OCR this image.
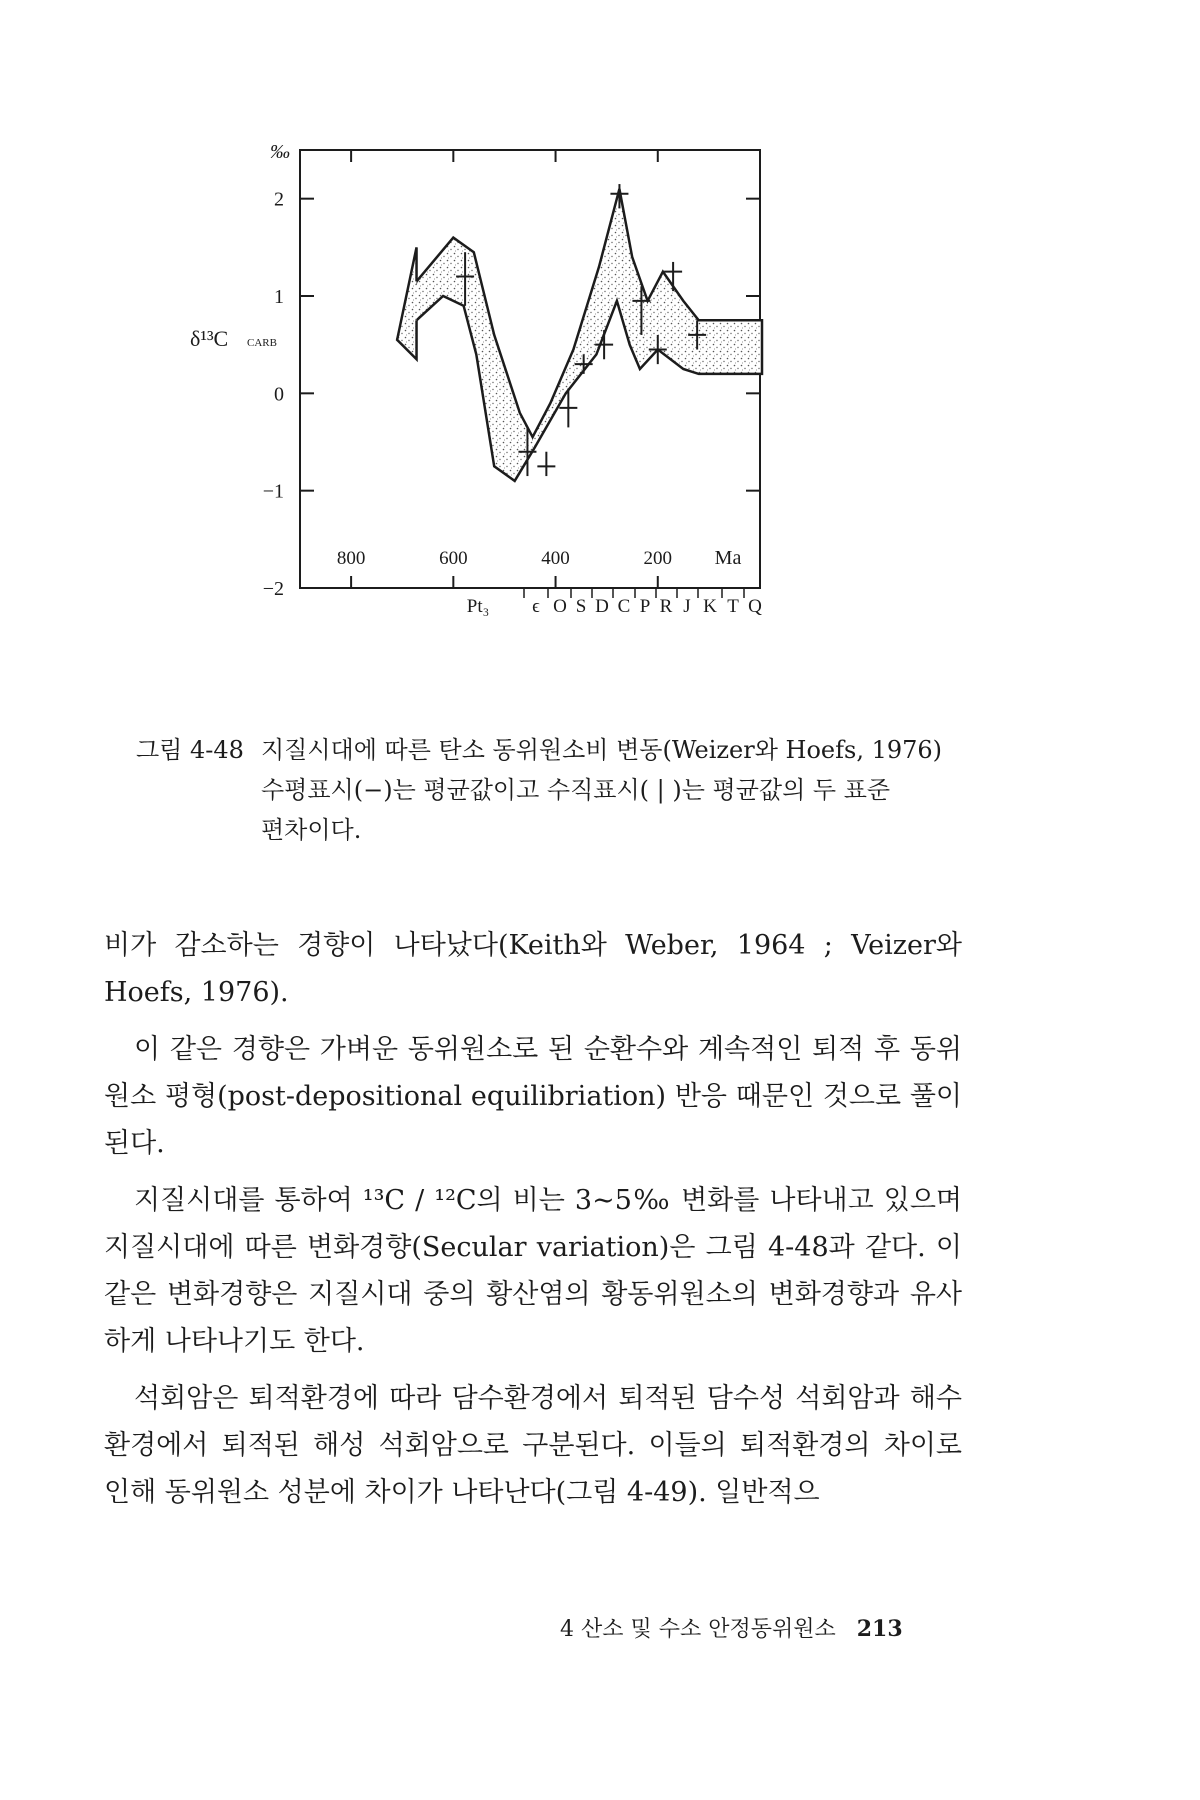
2
1
0
−1
−2
800	600	400	200 Ma
‰
δ¹³C CARB
Pt₃ ϵ O S D C P R J K T Q
그림 4-48 지질시대에 따른 탄소 동위원소비 변동(Weizer와 Hoefs, 1976)
수평표시(−)는 평균값이고 수직표시( | )는 평균값의 두 표준
편차이다.

비가 감소하는 경향이 나타났다(Keith와 Weber, 1964 ; Veizer와 Hoefs, 1976).

이 같은 경향은 가벼운 동위원소로 된 순환수와 계속적인 퇴적 후 동위원소 평형(post-depositional equilibriation) 반응 때문인 것으로 풀이된다.

지질시대를 통하여 ¹³C / ¹²C의 비는 3∼5‰ 변화를 나타내고 있으며 지질시대에 따른 변화경향(Secular variation)은 그림 4-48과 같다. 이같은 변화경향은 지질시대 중의 황산염의 황동위원소의 변화경향과 유사하게 나타나기도 한다.

석회암은 퇴적환경에 따라 담수환경에서 퇴적된 담수성 석회암과 해수환경에서 퇴적된 해성 석회암으로 구분된다. 이들의 퇴적환경의 차이로 인해 동위원소 성분에 차이가 나타난다(그림 4-49). 일반적으

4 산소 및 수소 안정동위원소 213
